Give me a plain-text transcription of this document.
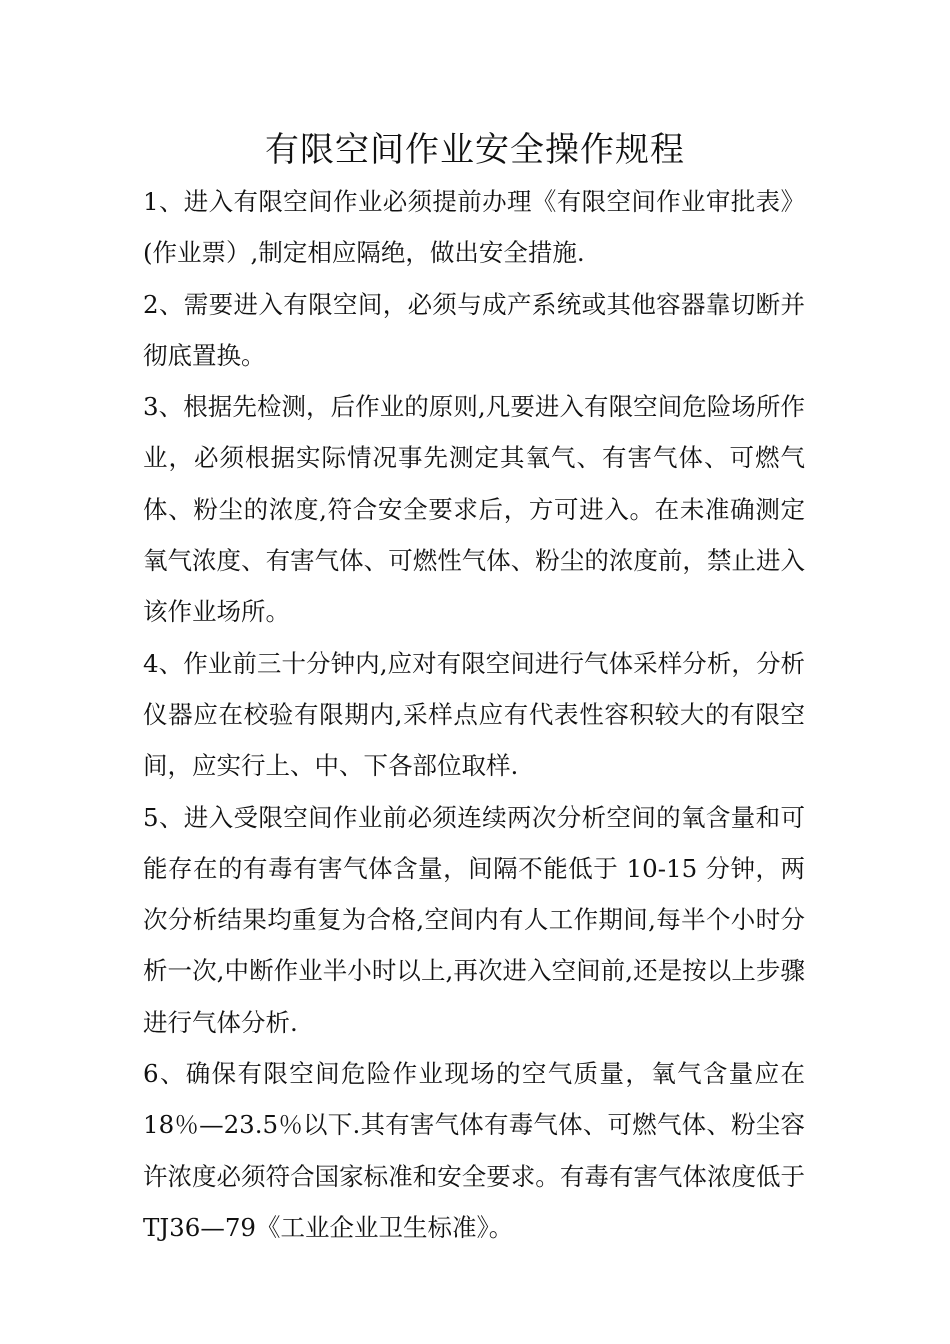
有限空间作业安全操作规程

1、进入有限空间作业必须提前办理《有限空间作业审批表》(作业票）,制定相应隔绝，做出安全措施.

2、需要进入有限空间，必须与成产系统或其他容器靠切断并彻底置换。

3、根据先检测，后作业的原则,凡要进入有限空间危险场所作业，必须根据实际情况事先测定其氧气、有害气体、可燃气体、粉尘的浓度,符合安全要求后，方可进入。在未准确测定氧气浓度、有害气体、可燃性气体、粉尘的浓度前，禁止进入该作业场所。

4、作业前三十分钟内,应对有限空间进行气体采样分析，分析仪器应在校验有限期内,采样点应有代表性容积较大的有限空间，应实行上、中、下各部位取样.

5、进入受限空间作业前必须连续两次分析空间的氧含量和可能存在的有毒有害气体含量，间隔不能低于 10-15 分钟，两次分析结果均重复为合格,空间内有人工作期间,每半个小时分析一次,中断作业半小时以上,再次进入空间前,还是按以上步骤进行气体分析.

6、确保有限空间危险作业现场的空气质量，氧气含量应在18％—23.5％以下.其有害气体有毒气体、可燃气体、粉尘容许浓度必须符合国家标准和安全要求。有毒有害气体浓度低于TJ36—79《工业企业卫生标准》。
